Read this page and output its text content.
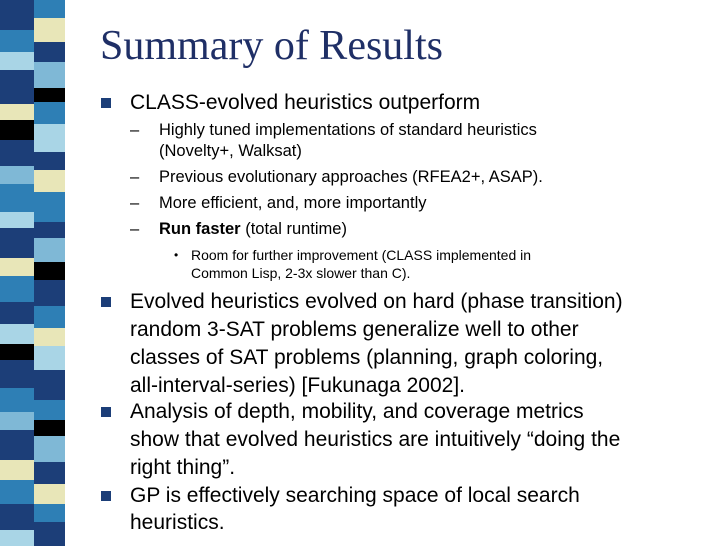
Summary of Results
CLASS-evolved heuristics outperform
– Highly tuned implementations of standard heuristics
(Novelty+, Walksat)
– Previous evolutionary approaches (RFEA2+, ASAP).
– More efficient, and, more importantly
– Run faster (total runtime)
• Room for further improvement (CLASS implemented in
Common Lisp, 2-3x slower than C).
Evolved heuristics evolved on hard (phase transition)
random 3-SAT problems generalize well to other
classes of SAT problems (planning, graph coloring,
all-interval-series) [Fukunaga 2002].
Analysis of depth, mobility, and coverage metrics
show that evolved heuristics are intuitively “doing the
right thing”.
GP is effectively searching space of local search
heuristics.
